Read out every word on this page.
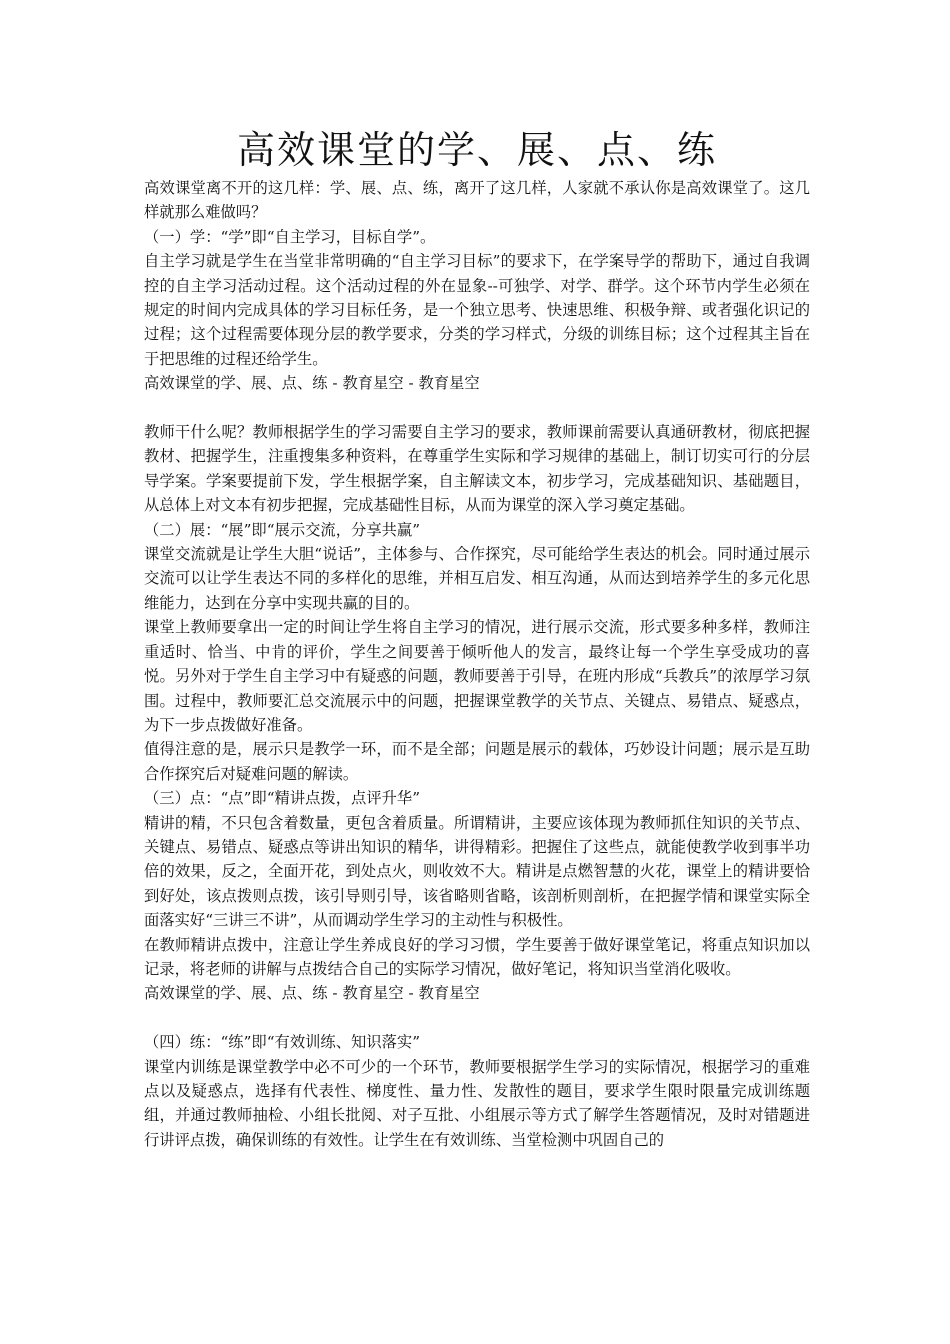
高效课堂的学、展、点、练

高效课堂离不开的这几样：学、展、点、练，离开了这几样，人家就不承认你是高效课堂了。这几样就那么难做吗？

（一）学：“学”即“自主学习，目标自学”。

自主学习就是学生在当堂非常明确的“自主学习目标”的要求下，在学案导学的帮助下，通过自我调控的自主学习活动过程。这个活动过程的外在显象--可独学、对学、群学。这个环节内学生必须在规定的时间内完成具体的学习目标任务，是一个独立思考、快速思维、积极争辩、或者强化识记的过程；这个过程需要体现分层的教学要求，分类的学习样式，分级的训练目标；这个过程其主旨在于把思维的过程还给学生。

高效课堂的学、展、点、练 - 教育星空 - 教育星空

教师干什么呢？教师根据学生的学习需要自主学习的要求，教师课前需要认真通研教材，彻底把握教材、把握学生，注重搜集多种资料，在尊重学生实际和学习规律的基础上，制订切实可行的分层导学案。学案要提前下发，学生根据学案，自主解读文本，初步学习，完成基础知识、基础题目，从总体上对文本有初步把握，完成基础性目标，从而为课堂的深入学习奠定基础。

（二）展：“展”即“展示交流，分享共赢”

课堂交流就是让学生大胆“说话”，主体参与、合作探究，尽可能给学生表达的机会。同时通过展示交流可以让学生表达不同的多样化的思维，并相互启发、相互沟通，从而达到培养学生的多元化思维能力，达到在分享中实现共赢的目的。

课堂上教师要拿出一定的时间让学生将自主学习的情况，进行展示交流，形式要多种多样，教师注重适时、恰当、中肯的评价，学生之间要善于倾听他人的发言，最终让每一个学生享受成功的喜悦。另外对于学生自主学习中有疑惑的问题，教师要善于引导，在班内形成“兵教兵”的浓厚学习氛围。过程中，教师要汇总交流展示中的问题，把握课堂教学的关节点、关键点、易错点、疑惑点，为下一步点拨做好准备。

值得注意的是，展示只是教学一环，而不是全部；问题是展示的载体，巧妙设计问题；展示是互助合作探究后对疑难问题的解读。

（三）点：“点”即“精讲点拨，点评升华”

精讲的精，不只包含着数量，更包含着质量。所谓精讲，主要应该体现为教师抓住知识的关节点、关键点、易错点、疑惑点等讲出知识的精华，讲得精彩。把握住了这些点，就能使教学收到事半功倍的效果，反之，全面开花，到处点火，则收效不大。精讲是点燃智慧的火花，课堂上的精讲要恰到好处，该点拨则点拨，该引导则引导，该省略则省略，该剖析则剖析，在把握学情和课堂实际全面落实好“三讲三不讲”，从而调动学生学习的主动性与积极性。

在教师精讲点拨中，注意让学生养成良好的学习习惯，学生要善于做好课堂笔记，将重点知识加以记录，将老师的讲解与点拨结合自己的实际学习情况，做好笔记，将知识当堂消化吸收。

高效课堂的学、展、点、练 - 教育星空 - 教育星空

（四）练：“练”即“有效训练、知识落实”

课堂内训练是课堂教学中必不可少的一个环节，教师要根据学生学习的实际情况，根据学习的重难点以及疑惑点，选择有代表性、梯度性、量力性、发散性的题目，要求学生限时限量完成训练题组，并通过教师抽检、小组长批阅、对子互批、小组展示等方式了解学生答题情况，及时对错题进行讲评点拨，确保训练的有效性。让学生在有效训练、当堂检测中巩固自己的
